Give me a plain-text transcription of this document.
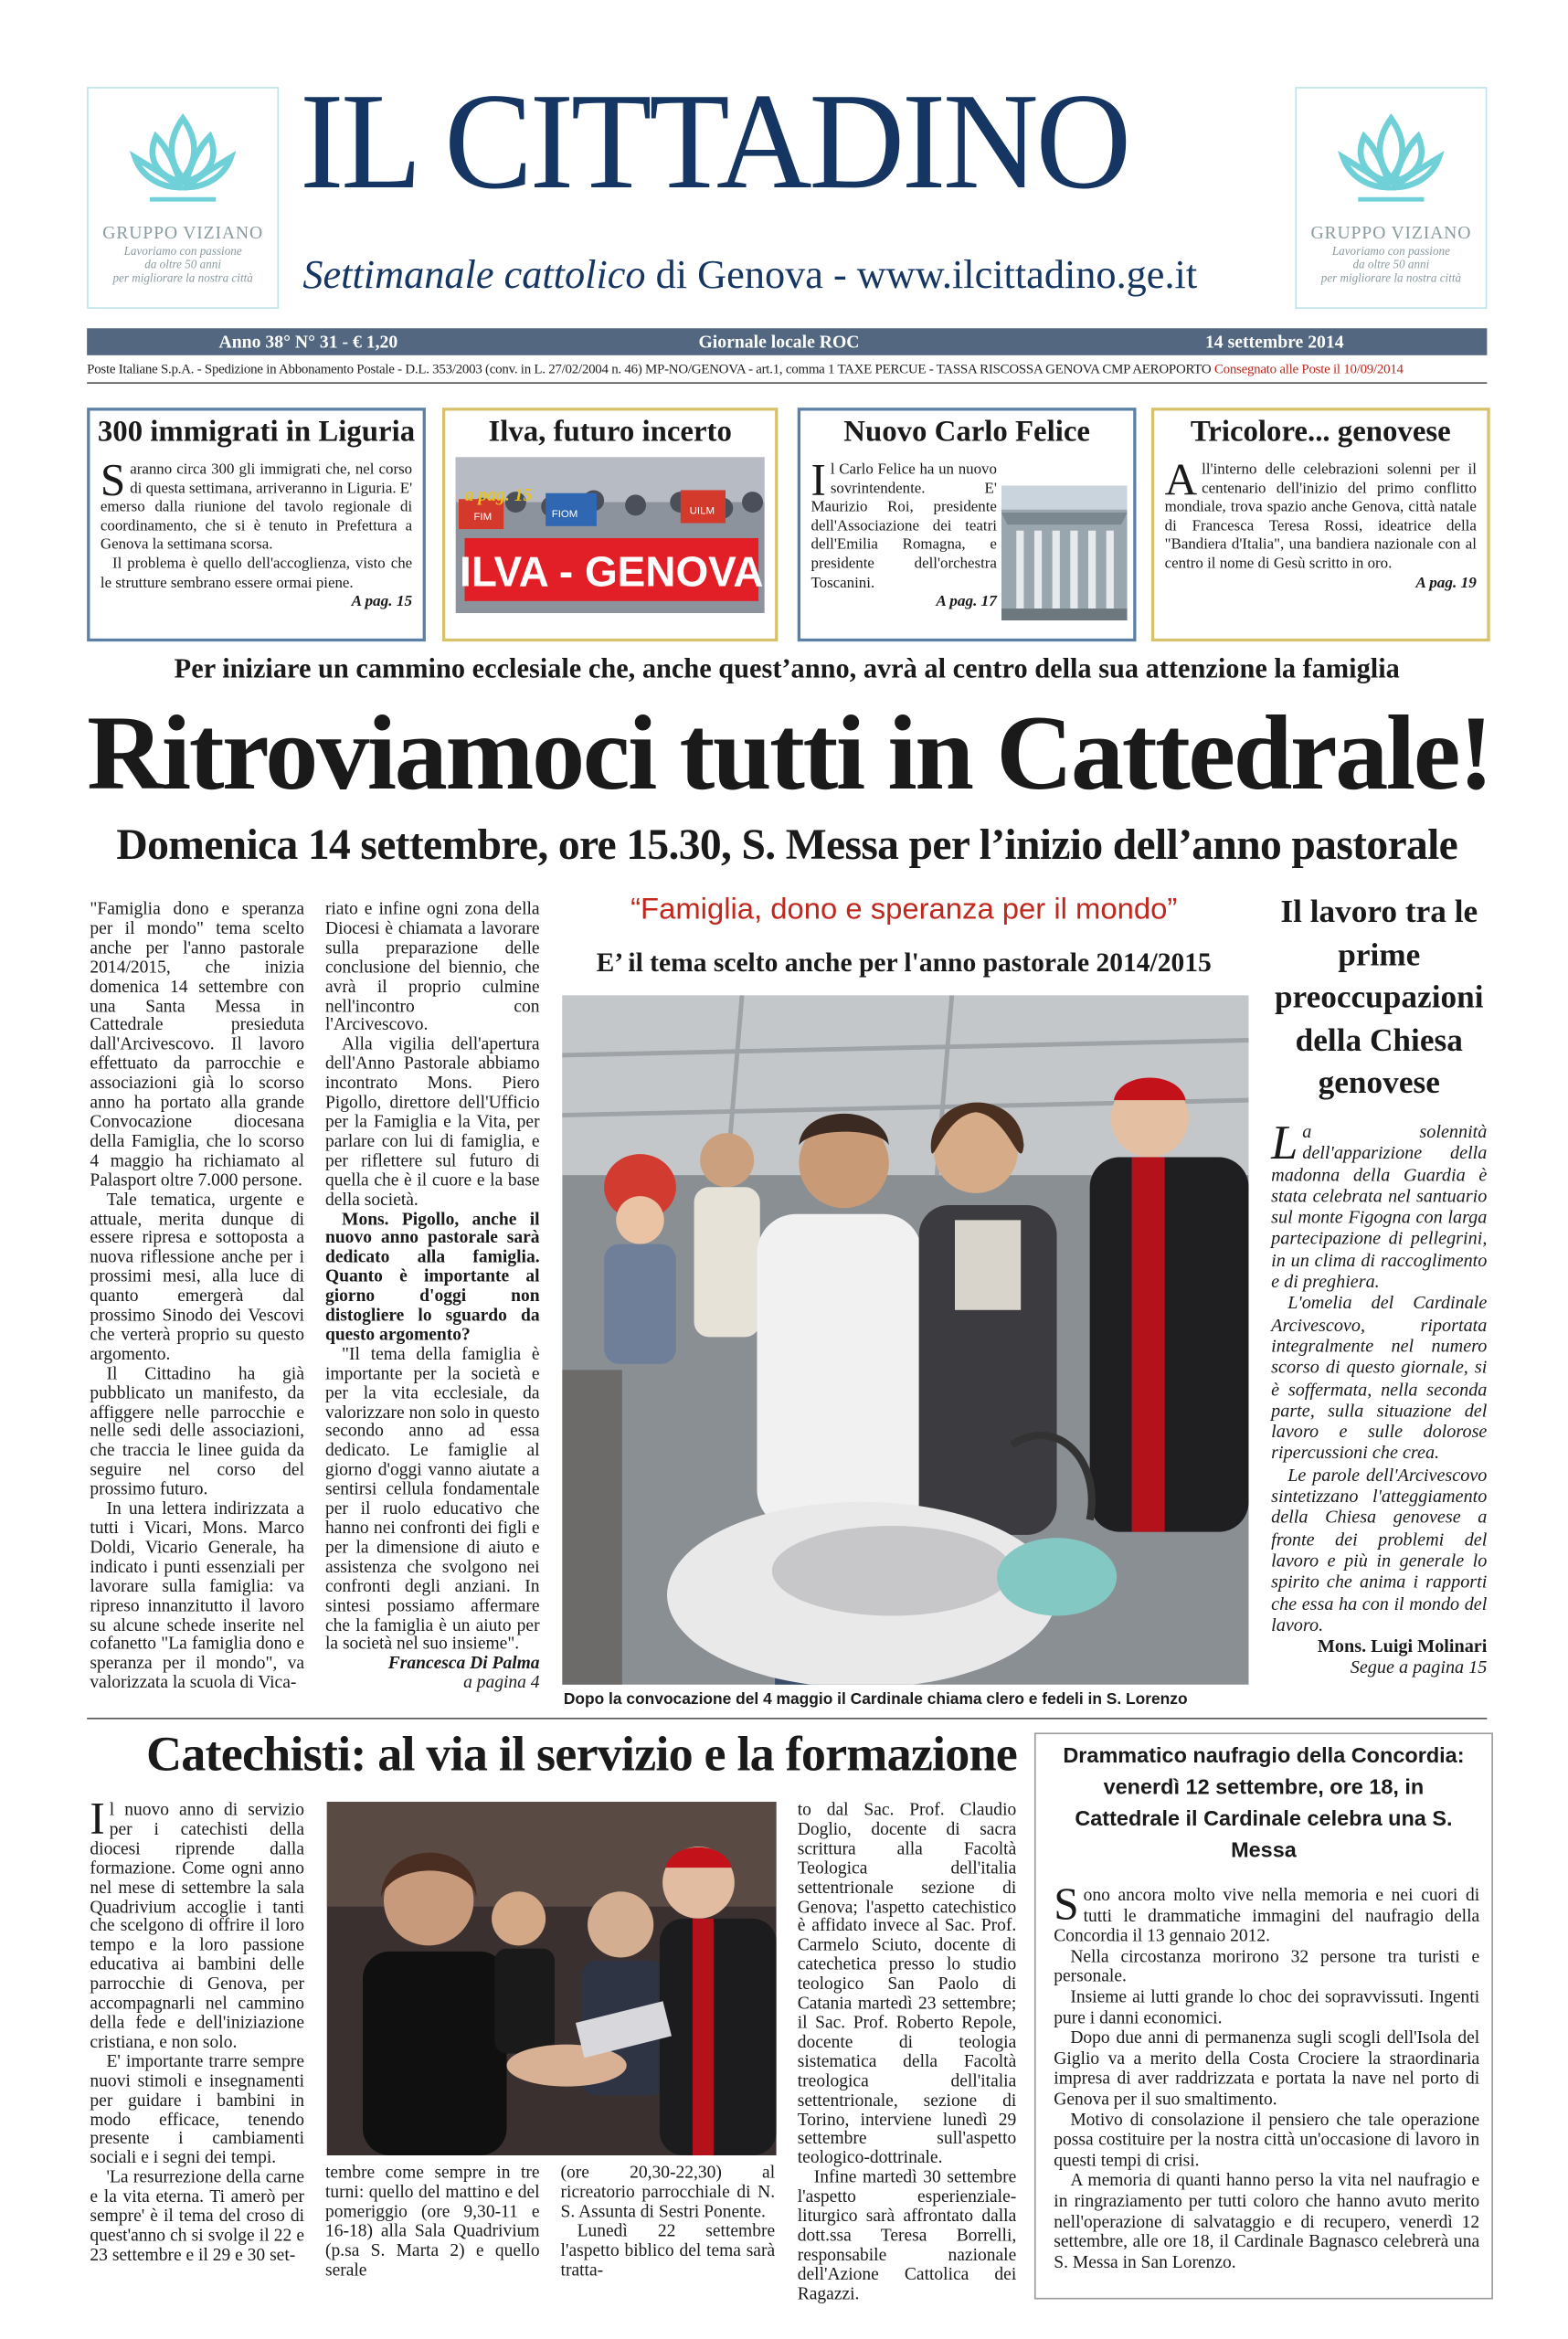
GRUPPO VIZIANO
Lavoriamo con passione
da oltre 50 anni
per migliorare la nostra città
GRUPPO VIZIANO
Lavoriamo con passione
da oltre 50 anni
per migliorare la nostra città
IL CITTADINO
Settimanale cattolico di Genova - www.ilcittadino.ge.it
Anno 38° N° 31 - € 1,20	Giornale locale ROC	14 settembre 2014
Poste Italiane S.p.A. - Spedizione in Abbonamento Postale - D.L. 353/2003 (conv. in L. 27/02/2004 n. 46) MP-NO/GENOVA - art.1, comma 1 TAXE PERCUE - TASSA RISCOSSA GENOVA CMP AEROPORTO Consegnato alle Poste il 10/09/2014
300 immigrati in Liguria
Saranno circa 300 gli immigrati che, nel corso di questa settimana, arriveranno in Liguria. E' emerso dalla riunione del tavolo regionale di coordinamento, che si è tenuto in Prefettura a Genova la settimana scorsa.
Il problema è quello dell'accoglienza, visto che le strutture sembrano essere ormai piene.
A pag. 15
Ilva, futuro incerto
ILVA - GENOVA
FIM	FIOM	UILM
a pag. 15
Nuovo Carlo Felice
Il Carlo Felice ha un nuovo sovrintendente. E' Maurizio Roi, presidente dell'Associazione dei teatri dell'Emilia Romagna, e presidente dell'orchestra Toscanini.
A pag. 17
Tricolore... genovese
All'interno delle celebrazioni solenni per il centenario dell'inizio del primo conflitto mondiale, trova spazio anche Genova, città natale di Francesca Teresa Rossi, ideatrice della "Bandiera d'Italia", una bandiera nazionale con al centro il nome di Gesù scritto in oro.
A pag. 19
Per iniziare un cammino ecclesiale che, anche quest’anno, avrà al centro della sua attenzione la famiglia
Ritroviamoci tutti in Cattedrale!
Domenica 14 settembre, ore 15.30, S. Messa per l’inizio dell’anno pastorale

"Famiglia dono e speranza per il mondo" tema scelto anche per l'anno pastorale 2014/2015, che inizia domenica 14 settembre con una Santa Messa in Cattedrale presieduta dall'Arcivescovo. Il lavoro effettuato da parrocchie e associazioni già lo scorso anno ha portato alla grande Convocazione diocesana della Famiglia, che lo scorso 4 maggio ha richiamato al Palasport oltre 7.000 persone.

Tale tematica, urgente e attuale, merita dunque di essere ripresa e sottoposta a nuova riflessione anche per i prossimi mesi, alla luce di quanto emergerà dal prossimo Sinodo dei Vescovi che verterà proprio su questo argomento.

Il Cittadino ha già pubblicato un manifesto, da affiggere nelle parrocchie e nelle sedi delle associazioni, che traccia le linee guida da seguire nel corso del prossimo futuro.

In una lettera indirizzata a tutti i Vicari, Mons. Marco Doldi, Vicario Generale, ha indicato i punti essenziali per lavorare sulla famiglia: va ripreso innanzitutto il lavoro su alcune schede inserite nel cofanetto "La famiglia dono e speranza per il mondo", va valorizzata la scuola di Vica-

riato e infine ogni zona della Diocesi è chiamata a lavorare sulla preparazione delle conclusione del biennio, che avrà il proprio culmine nell'incontro con l'Arcivescovo.

Alla vigilia dell'apertura dell'Anno Pastorale abbiamo incontrato Mons. Piero Pigollo, direttore dell'Ufficio per la Famiglia e la Vita, per parlare con lui di famiglia, e per riflettere sul futuro di quella che è il cuore e la base della società.

Mons. Pigollo, anche il nuovo anno pastorale sarà dedicato alla famiglia. Quanto è importante al giorno d'oggi non distogliere lo sguardo da questo argomento?

"Il tema della famiglia è importante per la società e per la vita ecclesiale, da valorizzare non solo in questo secondo anno ad essa dedicato. Le famiglie al giorno d'oggi vanno aiutate a sentirsi cellula fondamentale per il ruolo educativo che hanno nei confronti dei figli e per la dimensione di aiuto e assistenza che svolgono nei confronti degli anziani. In sintesi possiamo affermare che la famiglia è un aiuto per la società nel suo insieme".

Francesca Di Palma
a pagina 4
“Famiglia, dono e speranza per il mondo”
E’ il tema scelto anche per l'anno pastorale 2014/2015
Dopo la convocazione del 4 maggio il Cardinale chiama clero e fedeli in S. Lorenzo
Il lavoro tra le prime preoccupazioni della Chiesa genovese

La solennità dell'apparizione della madonna della Guardia è stata celebrata nel santuario sul monte Figogna con larga partecipazione di pellegrini, in un clima di raccoglimento e di preghiera.

L'omelia del Cardinale Arcivescovo, riportata integralmente nel numero scorso di questo giornale, si è soffermata, nella seconda parte, sulla situazione del lavoro e sulle dolorose ripercussioni che crea.

Le parole dell'Arcivescovo sintetizzano l'atteggiamento della Chiesa genovese a fronte dei problemi del lavoro e più in generale lo spirito che anima i rapporti che essa ha con il mondo del lavoro.

Mons. Luigi Molinari
Segue a pagina 15
Catechisti: al via il servizio e la formazione

Il nuovo anno di servizio per i catechisti della diocesi riprende dalla formazione. Come ogni anno nel mese di settembre la sala Quadrivium accoglie i tanti che scelgono di offrire il loro tempo e la loro passione educativa ai bambini delle parrocchie di Genova, per accompagnarli nel cammino della fede e dell'iniziazione cristiana, e non solo.

E' importante trarre sempre nuovi stimoli e insegnamenti per guidare i bambini in modo efficace, tenendo presente i cambiamenti sociali e i segni dei tempi.

'La resurrezione della carne e la vita eterna. Ti amerò per sempre' è il tema del croso di quest'anno ch si svolge il 22 e 23 settembre e il 29 e 30 set-

tembre come sempre in tre turni: quello del mattino e del pomeriggio (ore 9,30-11 e 16-18) alla Sala Quadrivium (p.sa S. Marta 2) e quello serale

(ore 20,30-22,30) al ricreatorio parrocchiale di N. S. Assunta di Sestri Ponente.

Lunedì 22 settembre l'aspetto biblico del tema sarà tratta-

to dal Sac. Prof. Claudio Doglio, docente di sacra scrittura alla Facoltà Teologica dell'italia settentrionale sezione di Genova; l'aspetto catechistico è affidato invece al Sac. Prof. Carmelo Sciuto, docente di catechetica presso lo studio teologico San Paolo di Catania martedì 23 settembre; il Sac. Prof. Roberto Repole, docente di teologia sistematica della Facoltà treologica dell'italia settentrionale, sezione di Torino, interviene lunedì 29 settembre sull'aspetto teologico-dottrinale.

Infine martedì 30 settembre l'aspetto esperienziale-liturgico sarà affrontato dalla dott.ssa Teresa Borrelli, responsabile nazionale dell'Azione Cattolica dei Ragazzi.

Drammatico naufragio della Concordia: venerdì 12 settembre, ore 18, in Cattedrale il Cardinale celebra una S. Messa

Sono ancora molto vive nella memoria e nei cuori di tutti le drammatiche immagini del naufragio della Concordia il 13 gennaio 2012.

Nella circostanza morirono 32 persone tra turisti e personale.

Insieme ai lutti grande lo choc dei sopravvissuti. Ingenti pure i danni economici.

Dopo due anni di permanenza sugli scogli dell'Isola del Giglio va a merito della Costa Crociere la straordinaria impresa di aver raddrizzata e portata la nave nel porto di Genova per il suo smaltimento.

Motivo di consolazione il pensiero che tale operazione possa costituire per la nostra città un'occasione di lavoro in questi tempi di crisi.

A memoria di quanti hanno perso la vita nel naufragio e in ringraziamento per tutti coloro che hanno avuto merito nell'operazione di salvataggio e di recupero, venerdì 12 settembre, alle ore 18, il Cardinale Bagnasco celebrerà una S. Messa in San Lorenzo.
